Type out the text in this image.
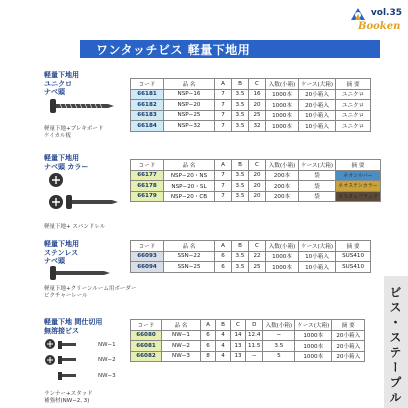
vol.35
Booken
ワンタッチビス 軽量下地用
ビス・ステープル
軽量下地用
ユニクロ
ナベ頭
軽量下地+プレキボード
ケイカル板
コード	品 名	A	B	C	入数(小箱)	ケース(大箱)	摘 要
66181	NSP−16	7	3.5	16	1000本	20小箱入	ユニクロ
66182	NSP−20	7	3.5	20	1000本	20小箱入	ユニクロ
66183	NSP−25	7	3.5	25	1000本	10小箱入	ユニクロ
66184	NSP−32	7	3.5	32	1000本	10小箱入	ユニクロ
軽量下地用
ナベ頭 カラー
軽量下地+ スパンドレル
コード	品 名	A	B	C	入数(小箱)	ケース(大箱)	摘 要
66177	NSP−20・NS	7	3.5	20	200本	袋	ネオシルバー
66178	NSP−20・SL	7	3.5	20	200本	袋	ネオステンカラー
66179	NSP−20・CB	7	3.5	20	200本	袋	カスタムブラック
軽量下地用
ステンレス
ナベ頭
軽量下地+クリーンルーム用ボーダー
ビクチャーレール
コード	品 名	A	B	C	入数(小箱)	ケース(大箱)	摘 要
66093	SSN−22	6	3.5	22	1000本	10小箱入	SUS410
66094	SSN−25	6	3.5	25	1000本	10小箱入	SUS410
軽量下地 間仕切用
無溶接ビス
NW−1
NW−2
NW−3
ランナー+スタッド
補強材(NW−2, 3)
コード	品 名	A	B	C	D	入数(小箱)	ケース(大箱)	摘 要
66080	NW−1	6	4	14	12.4	−	1000本	20小箱入
66081	NW−2	6	4	13	11.5	3.5	1000本	20小箱入
66082	NW−3	8	4	13	−	5	1000本	20小箱入
